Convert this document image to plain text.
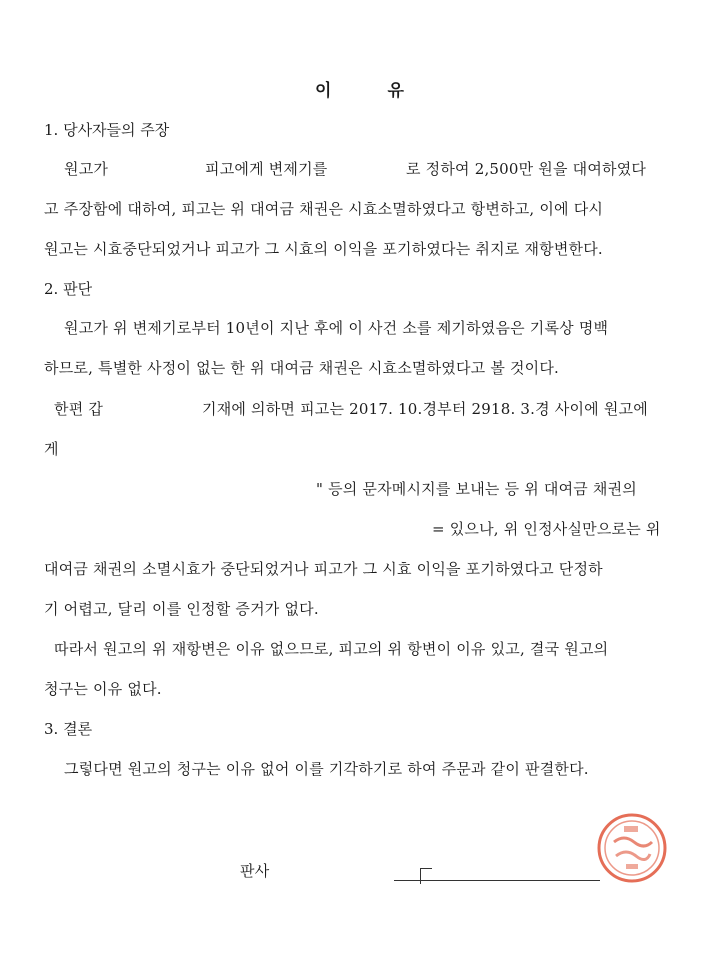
이	유
1. 당사자들의 주장
원고가	피고에게 변제기를	로 정하여 2,500만 원을 대여하였다
고 주장함에 대하여, 피고는 위 대여금 채권은 시효소멸하였다고 항변하고, 이에 다시
원고는 시효중단되었거나 피고가 그 시효의 이익을 포기하였다는 취지로 재항변한다.
2. 판단
원고가 위 변제기로부터 10년이 지난 후에 이 사건 소를 제기하였음은 기록상 명백
하므로, 특별한 사정이 없는 한 위 대여금 채권은 시효소멸하였다고 볼 것이다.
한편 갑	기재에 의하면 피고는 2017. 10.경부터 2918. 3.경 사이에 원고에
게
" 등의 문자메시지를 보내는 등 위 대여금 채권의
= 있으나, 위 인정사실만으로는 위
대여금 채권의 소멸시효가 중단되었거나 피고가 그 시효 이익을 포기하였다고 단정하
기 어렵고, 달리 이를 인정할 증거가 없다.
따라서 원고의 위 재항변은 이유 없으므로, 피고의 위 항변이 이유 있고, 결국 원고의
청구는 이유 없다.
3. 결론
그렇다면 원고의 청구는 이유 없어 이를 기각하기로 하여 주문과 같이 판결한다.
판사
